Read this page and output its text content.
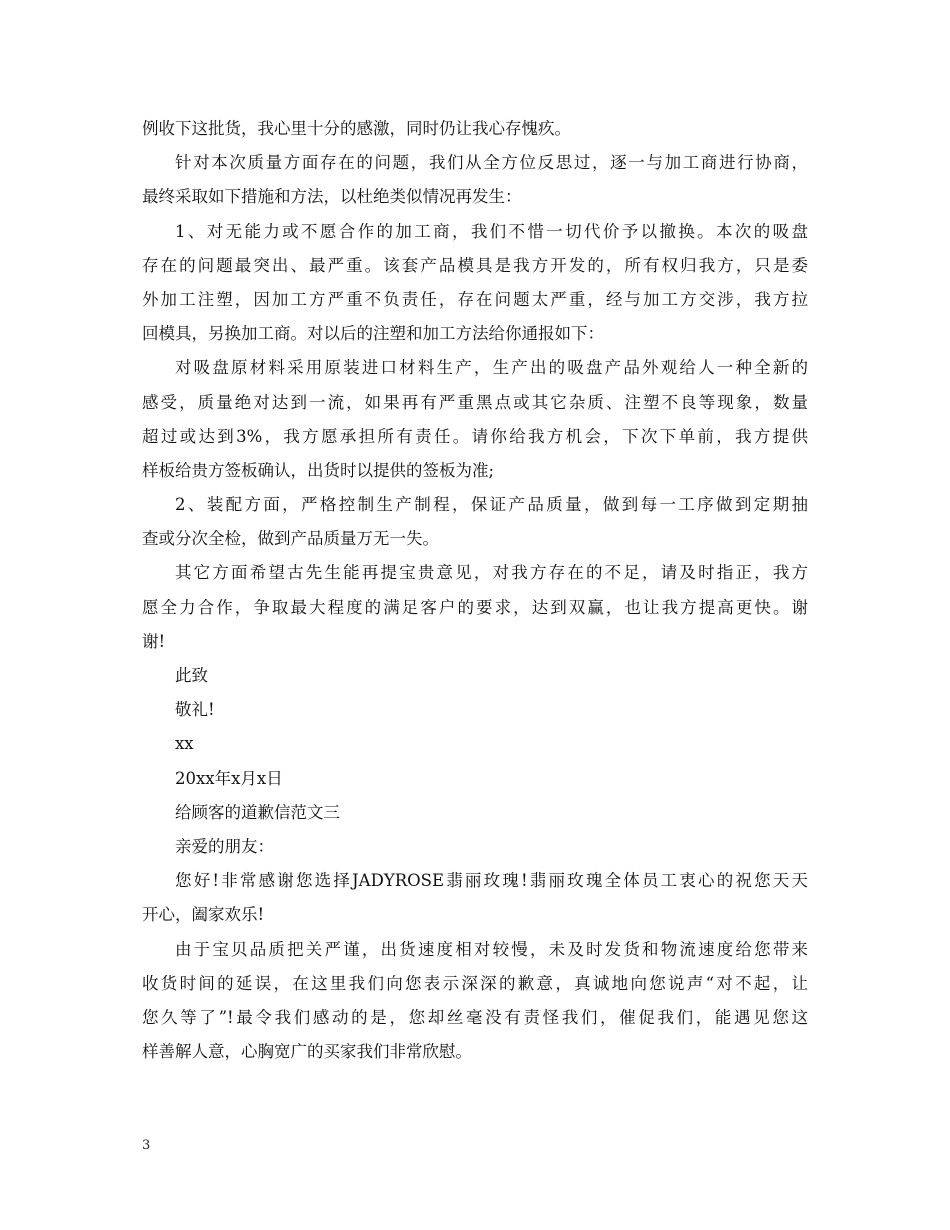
例收下这批货，我心里十分的感激，同时仍让我心存愧疚。
针对本次质量方面存在的问题，我们从全方位反思过，逐一与加工商进行协商，
最终采取如下措施和方法，以杜绝类似情况再发生：
1、对无能力或不愿合作的加工商，我们不惜一切代价予以撤换。本次的吸盘
存在的问题最突出、最严重。该套产品模具是我方开发的，所有权归我方，只是委
外加工注塑，因加工方严重不负责任，存在问题太严重，经与加工方交涉，我方拉
回模具，另换加工商。对以后的注塑和加工方法给你通报如下：
对吸盘原材料采用原装进口材料生产，生产出的吸盘产品外观给人一种全新的
感受，质量绝对达到一流，如果再有严重黑点或其它杂质、注塑不良等现象，数量
超过或达到3%，我方愿承担所有责任。请你给我方机会，下次下单前，我方提供
样板给贵方签板确认，出货时以提供的签板为准;
2、装配方面，严格控制生产制程，保证产品质量，做到每一工序做到定期抽
查或分次全检，做到产品质量万无一失。
其它方面希望古先生能再提宝贵意见，对我方存在的不足，请及时指正，我方
愿全力合作，争取最大程度的满足客户的要求，达到双赢，也让我方提高更快。谢
谢!
此致
敬礼!
xx
20xx年x月x日
给顾客的道歉信范文三
亲爱的朋友：
您好!非常感谢您选择JADYROSE翡丽玫瑰!翡丽玫瑰全体员工衷心的祝您天天
开心，阖家欢乐!
由于宝贝品质把关严谨，出货速度相对较慢，未及时发货和物流速度给您带来
收货时间的延误，在这里我们向您表示深深的歉意，真诚地向您说声“对不起，让
您久等了”!最令我们感动的是，您却丝毫没有责怪我们，催促我们，能遇见您这
样善解人意，心胸宽广的买家我们非常欣慰。
3
